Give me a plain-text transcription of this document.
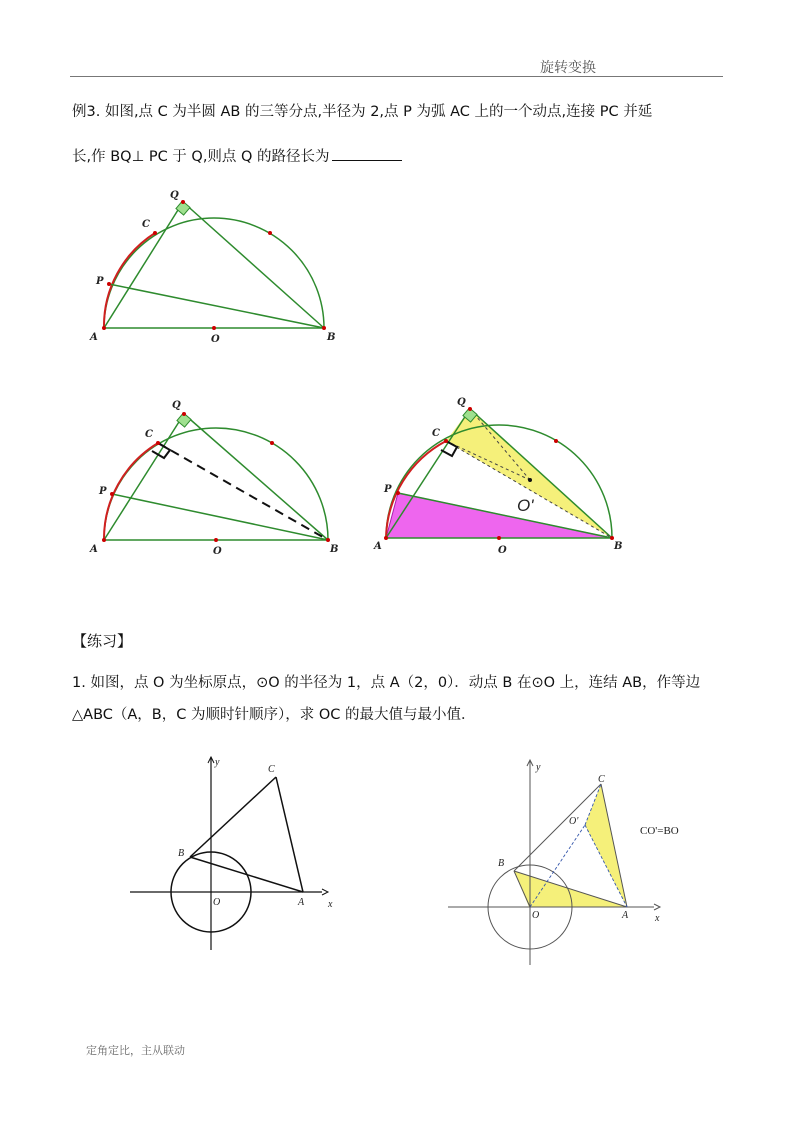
旋转变换
例3. 如图,点 C 为半圆 AB 的三等分点,半径为 2,点 P 为弧 AC 上的一个动点,连接 PC 并延
长,作 BQ⊥ PC 于 Q,则点 Q 的路径长为
A	B
O
C
P
Q
A	B
O
C
P
Q
A	B
O
C
P
Q
O'
【练习】
1. 如图，点 O 为坐标原点，⊙O 的半径为 1，点 A（2，0）．动点 B 在⊙O 上，连结 AB，作等边
△ABC（A，B，C 为顺时针顺序），求 OC 的最大值与最小值．
y
x
C
B
O	A
y
x
C
O'
B
O	A
CO'=BO
定角定比，主从联动
